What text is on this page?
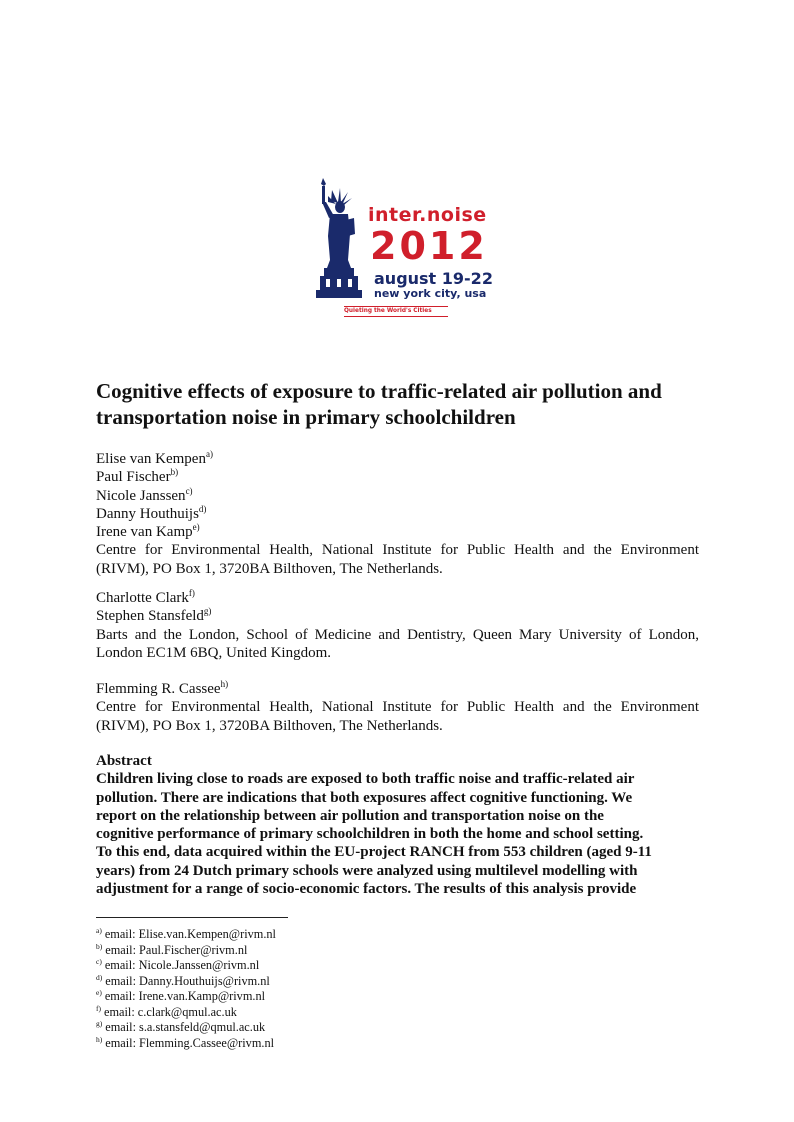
inter.noise
2012
august 19-22
new york city, usa
Quieting the World's Cities
Cognitive effects of exposure to traffic-related air pollution and transportation noise in primary schoolchildren
Elise van Kempen$^{a)}$
Paul Fischer$^{b)}$
Nicole Janssen$^{c)}$
Danny Houthuijs$^{d)}$
Irene van Kamp$^{e)}$
Centre for Environmental Health, National Institute for Public Health and the Environment (RIVM), PO Box 1, 3720BA Bilthoven, The Netherlands.
Charlotte Clark$^{f)}$
Stephen Stansfeld$^{g)}$
Barts and the London, School of Medicine and Dentistry, Queen Mary University of London, London EC1M 6BQ, United Kingdom.
Flemming R. Cassee$^{h)}$
Centre for Environmental Health, National Institute for Public Health and the Environment (RIVM), PO Box 1, 3720BA Bilthoven, The Netherlands.
Abstract
Children living close to roads are exposed to both traffic noise and traffic-related air
pollution. There are indications that both exposures affect cognitive functioning. We
report on the relationship between air pollution and transportation noise on the
cognitive performance of primary schoolchildren in both the home and school setting.
To this end, data acquired within the EU-project RANCH from 553 children (aged 9-11
years) from 24 Dutch primary schools were analyzed using multilevel modelling with
adjustment for a range of socio-economic factors. The results of this analysis provide
$^{a)}$ email: Elise.van.Kempen@rivm.nl
$^{b)}$ email: Paul.Fischer@rivm.nl
$^{c)}$ email: Nicole.Janssen@rivm.nl
$^{d)}$ email: Danny.Houthuijs@rivm.nl
$^{e)}$ email: Irene.van.Kamp@rivm.nl
$^{f)}$ email: c.clark@qmul.ac.uk
$^{g)}$ email: s.a.stansfeld@qmul.ac.uk
$^{h)}$ email: Flemming.Cassee@rivm.nl
